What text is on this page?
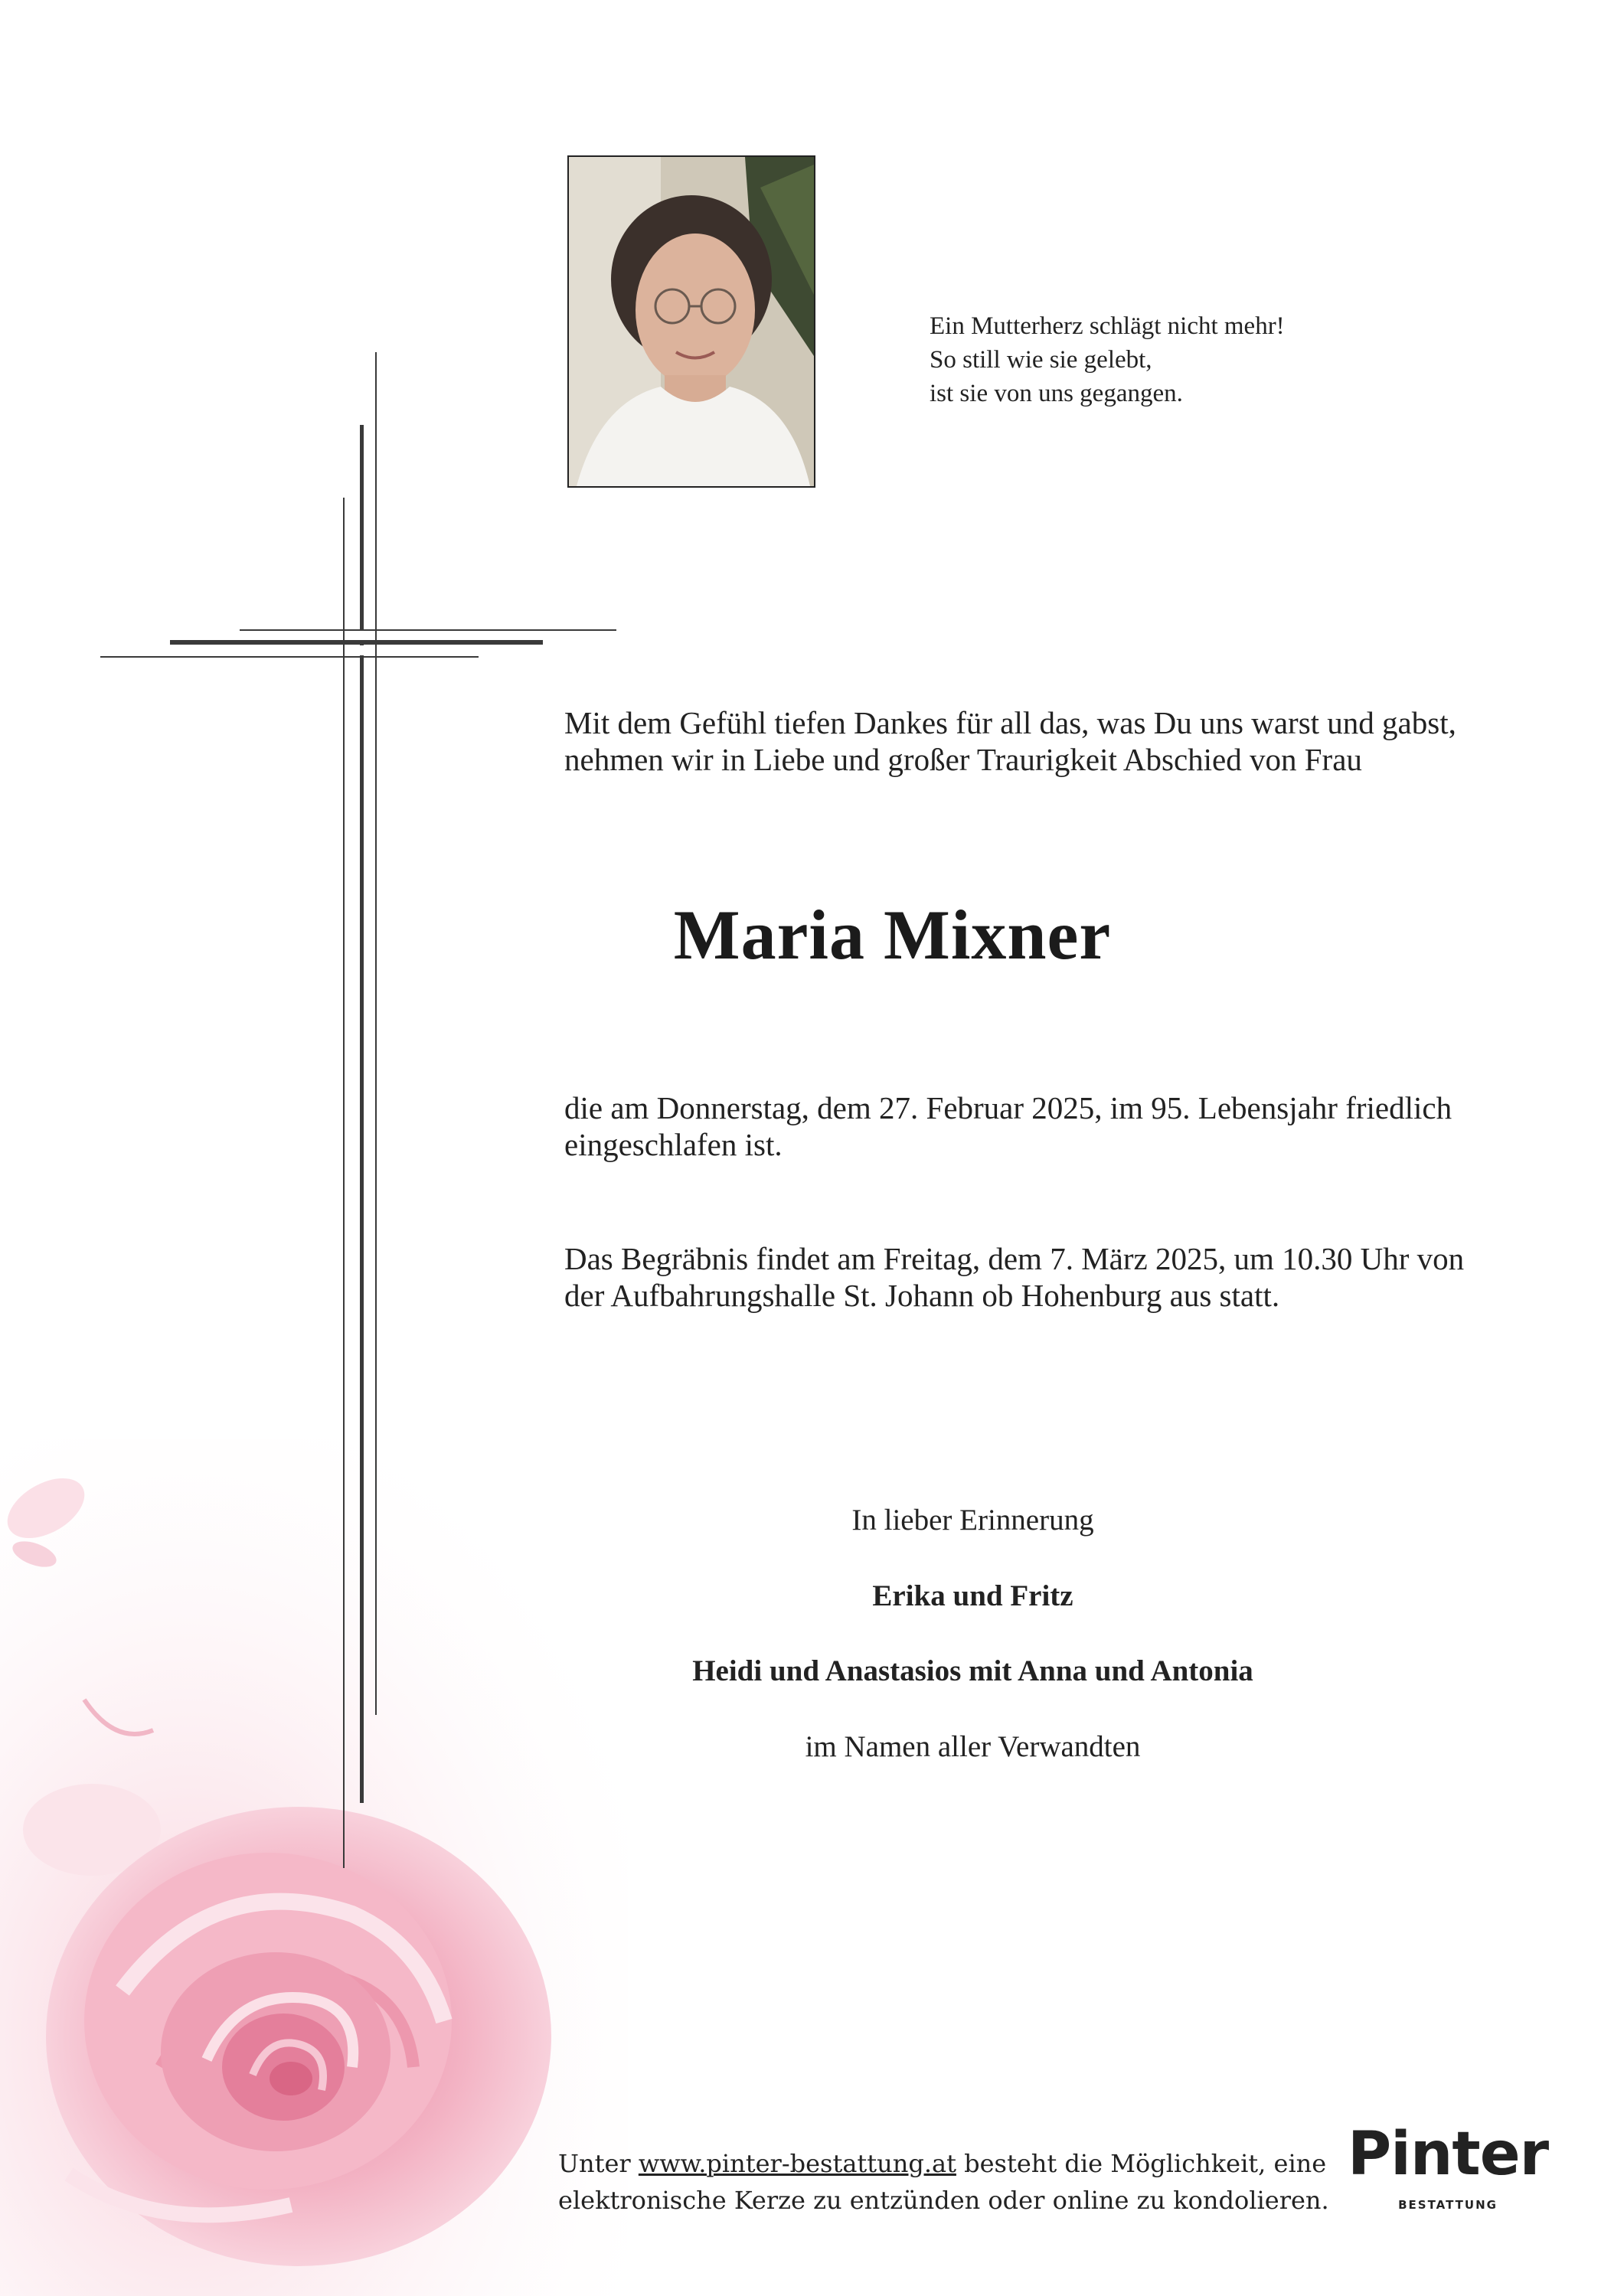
Ein Mutterherz schlägt nicht mehr!
So still wie sie gelebt,
ist sie von uns gegangen.
Mit dem Gefühl tiefen Dankes für all das, was Du uns warst und gabst, nehmen wir in Liebe und großer Traurigkeit Abschied von Frau
Maria Mixner
die am Donnerstag, dem 27. Februar 2025, im 95. Lebensjahr friedlich eingeschlafen ist.
Das Begräbnis findet am Freitag, dem 7. März 2025, um 10.30 Uhr von der Aufbahrungshalle St. Johann ob Hohenburg aus statt.
In lieber Erinnerung
Erika und Fritz
Heidi und Anastasios mit Anna und Antonia
im Namen aller Verwandten
Unter www.pinter-bestattung.at besteht die Möglichkeit, eine
elektronische Kerze zu entzünden oder online zu kondolieren.
Pinter
BESTATTUNG
